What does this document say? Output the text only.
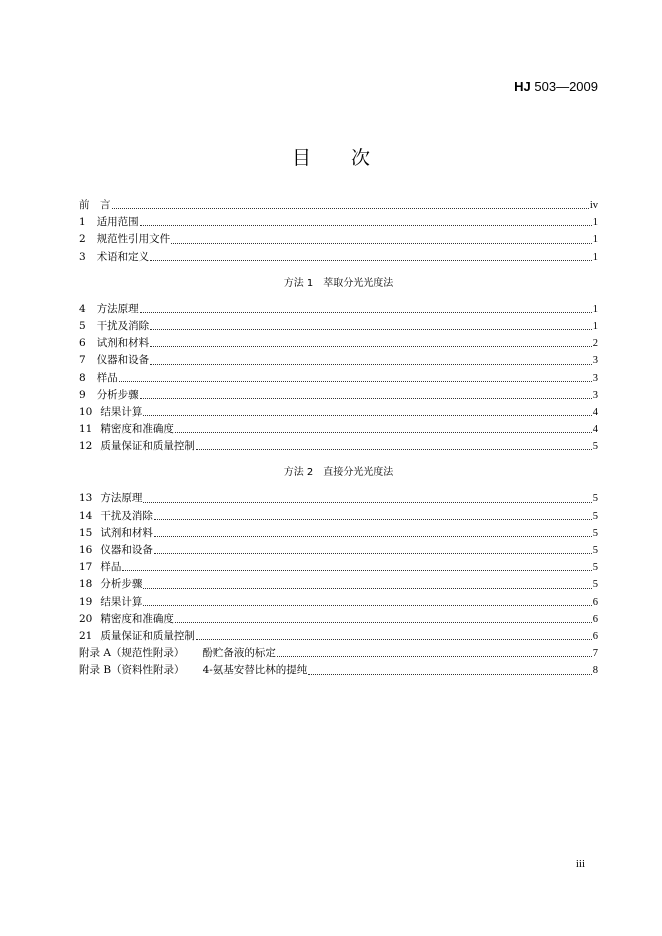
HJ 503—2009
目 次
前　言	iv
1 适用范围	1
2 规范性引用文件	1
3 术语和定义	1
方法 1　萃取分光光度法
4 方法原理	1
5 干扰及消除	1
6 试剂和材料	2
7 仪器和设备	3
8 样品	3
9 分析步骤	3
10 结果计算	4
11 精密度和准确度	4
12 质量保证和质量控制	5
方法 2　直接分光光度法
13 方法原理	5
14 干扰及消除	5
15 试剂和材料	5
16 仪器和设备	5
17 样品	5
18 分析步骤	5
19 结果计算	6
20 精密度和准确度	6
21 质量保证和质量控制	6
附录 A（规范性附录） 酚贮备液的标定	7
附录 B（资料性附录） 4-氨基安替比林的提纯	8
iii
